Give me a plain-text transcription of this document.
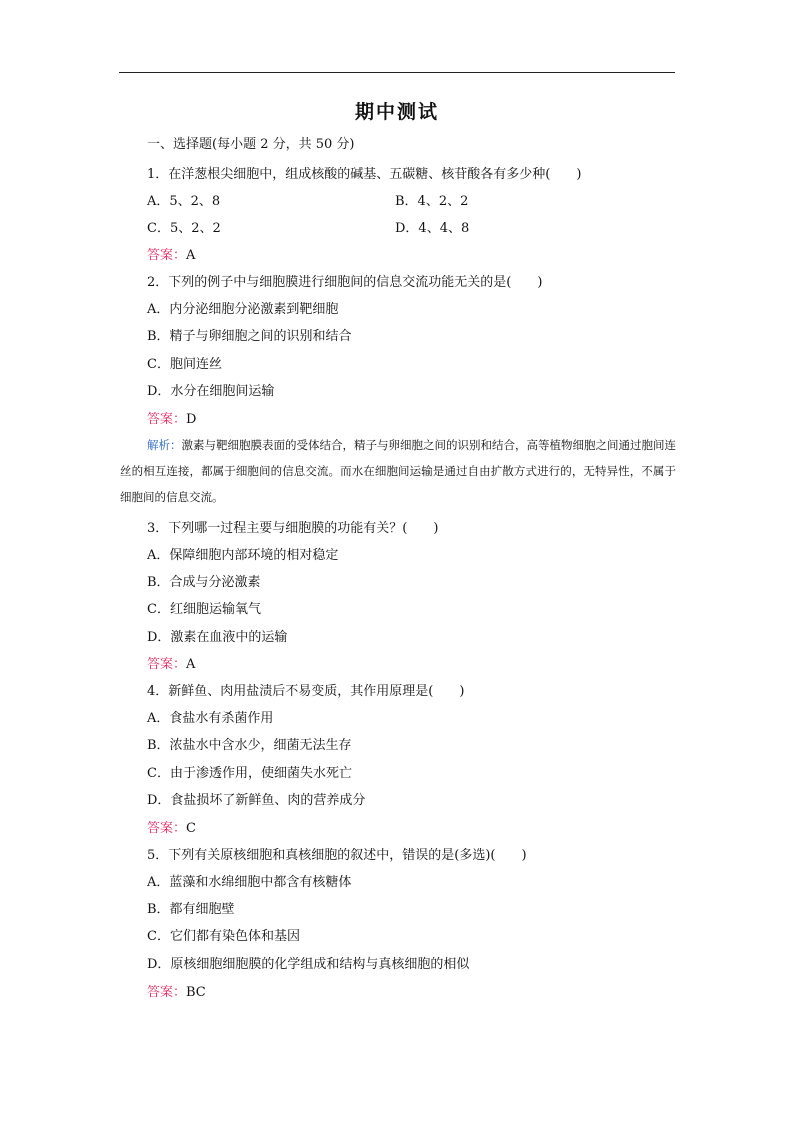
期中测试
一、选择题(每小题 2 分，共 50 分)
1．在洋葱根尖细胞中，组成核酸的碱基、五碳糖、核苷酸各有多少种(　　)
A．5、2、8	B．4、2、2
C．5、2、2	D．4、4、8
答案：A
2．下列的例子中与细胞膜进行细胞间的信息交流功能无关的是(　　)
A．内分泌细胞分泌激素到靶细胞
B．精子与卵细胞之间的识别和结合
C．胞间连丝
D．水分在细胞间运输
答案：D
解析：激素与靶细胞膜表面的受体结合，精子与卵细胞之间的识别和结合，高等植物细胞之间通过胞间连丝的相互连接，都属于细胞间的信息交流。而水在细胞间运输是通过自由扩散方式进行的，无特异性，不属于细胞间的信息交流。
3．下列哪一过程主要与细胞膜的功能有关？(　　)
A．保障细胞内部环境的相对稳定
B．合成与分泌激素
C．红细胞运输氧气
D．激素在血液中的运输
答案：A
4．新鲜鱼、肉用盐渍后不易变质，其作用原理是(　　)
A．食盐水有杀菌作用
B．浓盐水中含水少，细菌无法生存
C．由于渗透作用，使细菌失水死亡
D．食盐损坏了新鲜鱼、肉的营养成分
答案：C
5．下列有关原核细胞和真核细胞的叙述中，错误的是(多选)(　　)
A．蓝藻和水绵细胞中都含有核糖体
B．都有细胞壁
C．它们都有染色体和基因
D．原核细胞细胞膜的化学组成和结构与真核细胞的相似
答案：BC
